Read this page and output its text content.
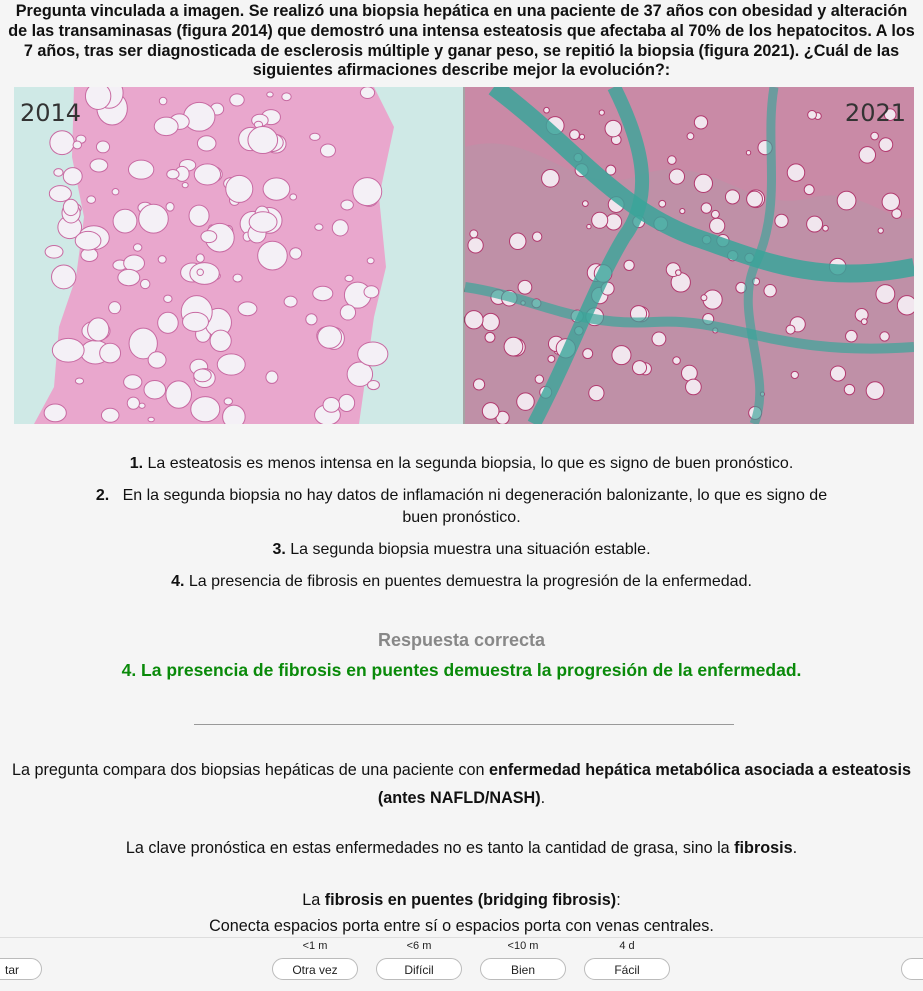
Pregunta vinculada a imagen. Se realizó una biopsia hepática en una paciente de 37 años con obesidad y alteración de las transaminasas (figura 2014) que demostró una intensa esteatosis que afectaba al 70% de los hepatocitos. A los 7 años, tras ser diagnosticada de esclerosis múltiple y ganar peso, se repitió la biopsia (figura 2021). ¿Cuál de las siguientes afirmaciones describe mejor la evolución?:
2014	2021
1. La esteatosis es menos intensa en la segunda biopsia, lo que es signo de buen pronóstico.
2. En la segunda biopsia no hay datos de inflamación ni degeneración balonizante, lo que es signo de buen pronóstico.
3. La segunda biopsia muestra una situación estable.
4. La presencia de fibrosis en puentes demuestra la progresión de la enfermedad.
Respuesta correcta
4. La presencia de fibrosis en puentes demuestra la progresión de la enfermedad.
La pregunta compara dos biopsias hepáticas de una paciente con enfermedad hepática metabólica asociada a esteatosis (antes NAFLD/NASH).
La clave pronóstica en estas enfermedades no es tanto la cantidad de grasa, sino la fibrosis.
La fibrosis en puentes (bridging fibrosis):
Conecta espacios porta entre sí o espacios porta con venas centrales.
tar
<1 m
Otra vez
<6 m
Difícil
<10 m
Bien
4 d
Fácil
